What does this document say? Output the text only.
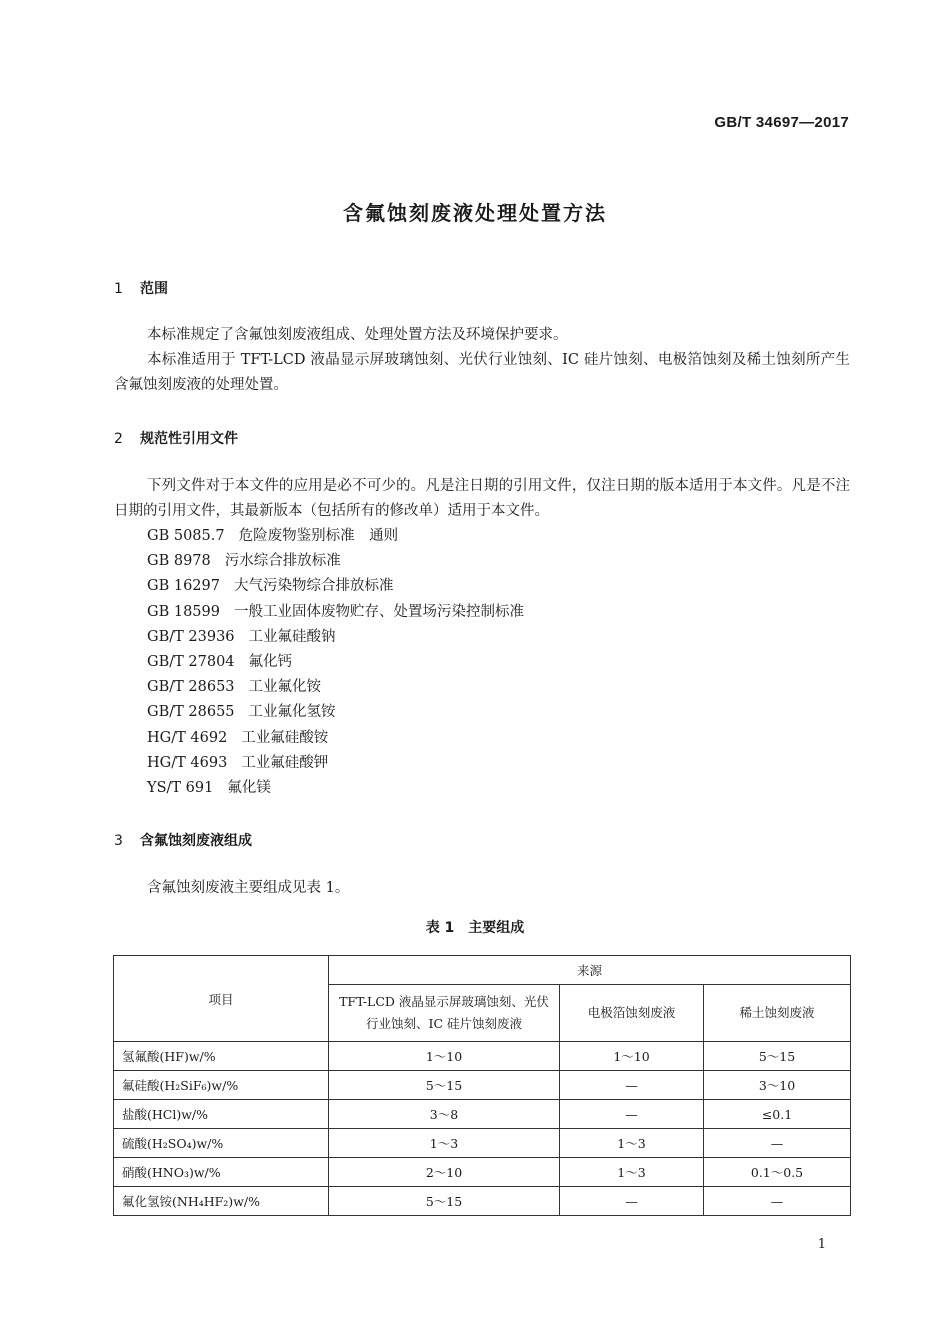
GB/T 34697—2017
含氟蚀刻废液处理处置方法
1 范围
本标准规定了含氟蚀刻废液组成、处理处置方法及环境保护要求。
本标准适用于 TFT-LCD 液晶显示屏玻璃蚀刻、光伏行业蚀刻、IC 硅片蚀刻、电极箔蚀刻及稀土蚀刻所产生含氟蚀刻废液的处理处置。
2 规范性引用文件
下列文件对于本文件的应用是必不可少的。凡是注日期的引用文件，仅注日期的版本适用于本文件。凡是不注日期的引用文件，其最新版本（包括所有的修改单）适用于本文件。
GB 5085.7 危险废物鉴别标准　通则
GB 8978 污水综合排放标准
GB 16297 大气污染物综合排放标准
GB 18599 一般工业固体废物贮存、处置场污染控制标准
GB/T 23936 工业氟硅酸钠
GB/T 27804 氟化钙
GB/T 28653 工业氟化铵
GB/T 28655 工业氟化氢铵
HG/T 4692 工业氟硅酸铵
HG/T 4693 工业氟硅酸钾
YS/T 691 氟化镁
3 含氟蚀刻废液组成
含氟蚀刻废液主要组成见表 1。
表 1　主要组成
项目	来源		
	TFT-LCD 液晶显示屏玻璃蚀刻、光伏行业蚀刻、IC 硅片蚀刻废液	电极箔蚀刻废液	稀土蚀刻废液
氢氟酸(HF)w/%	1～10	1～10	5～15
氟硅酸(H₂SiF₆)w/%	5～15	—	3～10
盐酸(HCl)w/%	3～8	—	≤0.1
硫酸(H₂SO₄)w/%	1～3	1～3	—
硝酸(HNO₃)w/%	2～10	1～3	0.1～0.5
氟化氢铵(NH₄HF₂)w/%	5～15	—	—
1
